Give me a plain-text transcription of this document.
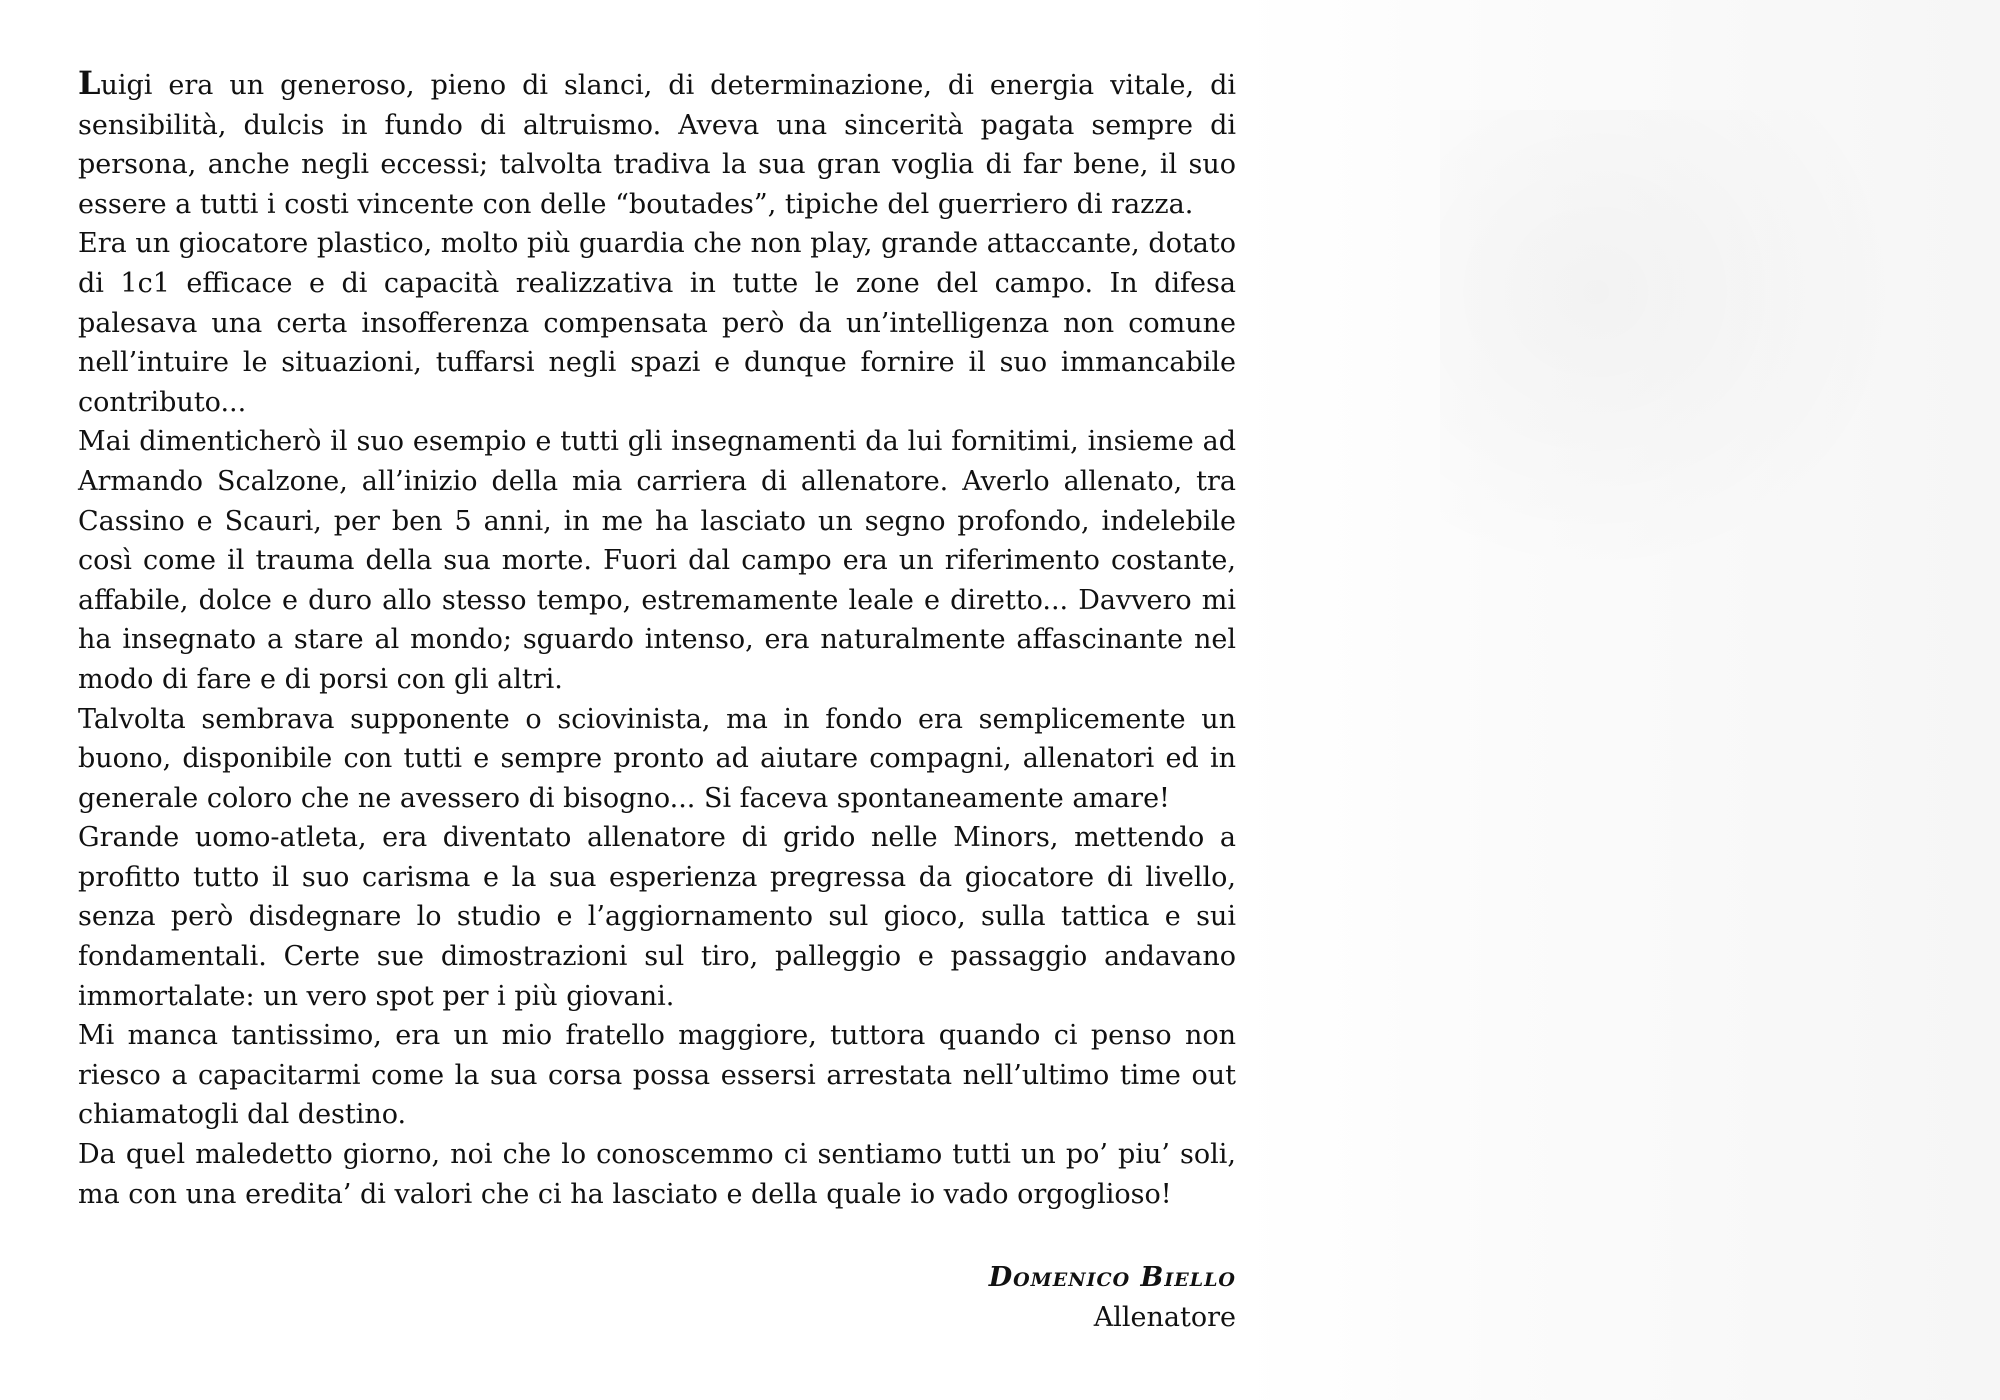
Luigi era un generoso, pieno di slanci, di determinazione, di energia vitale, di sensibilità, dulcis in fundo di altruismo. Aveva una sincerità pagata sempre di persona, anche negli eccessi; talvolta tradiva la sua gran voglia di far bene, il suo essere a tutti i costi vincente con delle “boutades”, tipiche del guerriero di razza.

Era un giocatore plastico, molto più guardia che non play, grande attaccante, dotato di 1c1 efficace e di capacità realizzativa in tutte le zone del campo. In difesa palesava una certa insofferenza compensata però da un’intelligenza non comune nell’intuire le situazioni, tuffarsi negli spazi e dunque fornire il suo immancabile contributo...

Mai dimenticherò il suo esempio e tutti gli insegnamenti da lui fornitimi, insieme ad Armando Scalzone, all’inizio della mia carriera di allenatore. Averlo allenato, tra Cassino e Scauri, per ben 5 anni, in me ha lasciato un segno profondo, indelebile così come il trauma della sua morte. Fuori dal campo era un riferimento costante, affabile, dolce e duro allo stesso tempo, estremamente leale e diretto... Davvero mi ha insegnato a stare al mondo; sguardo intenso, era naturalmente affascinante nel modo di fare e di porsi con gli altri.

Talvolta sembrava supponente o sciovinista, ma in fondo era semplicemente un buono, disponibile con tutti e sempre pronto ad aiutare compagni, allenatori ed in generale coloro che ne avessero di bisogno... Si faceva spontaneamente amare!

Grande uomo-atleta, era diventato allenatore di grido nelle Minors, mettendo a profitto tutto il suo carisma e la sua esperienza pregressa da giocatore di livello, senza però disdegnare lo studio e l’aggiornamento sul gioco, sulla tattica e sui fondamentali. Certe sue dimostrazioni sul tiro, palleggio e passaggio andavano immortalate: un vero spot per i più giovani.

Mi manca tantissimo, era un mio fratello maggiore, tuttora quando ci penso non riesco a capacitarmi come la sua corsa possa essersi arrestata nell’ultimo time out chiamatogli dal destino.

Da quel maledetto giorno, noi che lo conoscemmo ci sentiamo tutti un po’ piu’ soli, ma con una eredita’ di valori che ci ha lasciato e della quale io vado orgoglioso!

Domenico Biello
Allenatore
